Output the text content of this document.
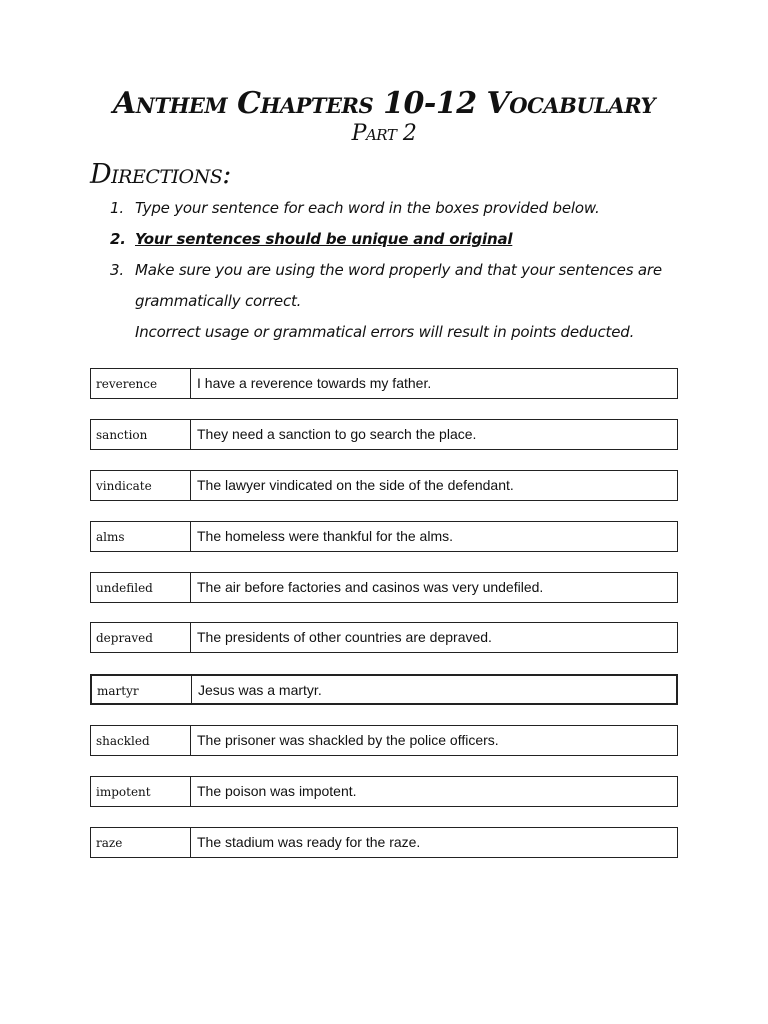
Anthem Chapters 10-12 Vocabulary
Part 2
Directions:
1. Type your sentence for each word in the boxes provided below.
2. Your sentences should be unique and original
3. Make sure you are using the word properly and that your sentences are grammatically correct.
Incorrect usage or grammatical errors will result in points deducted.
reverence	I have a reverence towards my father.
sanction	They need a sanction to go search the place.
vindicate	The lawyer vindicated on the side of the defendant.
alms	The homeless were thankful for the alms.
undefiled	The air before factories and casinos was very undefiled.
depraved	The presidents of other countries are depraved.
martyr	Jesus was a martyr.
shackled	The prisoner was shackled by the police officers.
impotent	The poison was impotent.
raze	The stadium was ready for the raze.
